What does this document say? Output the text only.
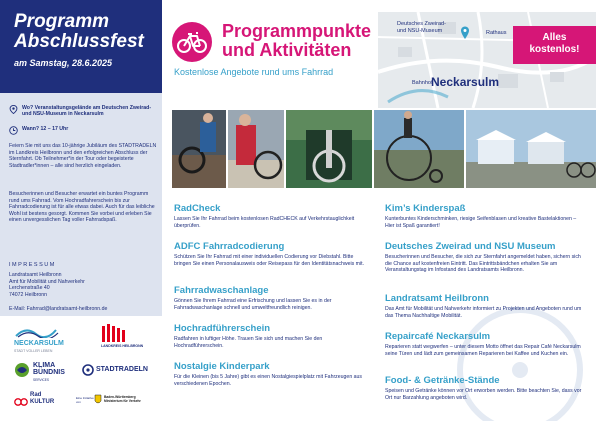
Programm
Abschlussfest
am Samstag, 28.6.2025
Wo? Veranstaltungsgelände am Deutschen Zweirad- und NSU-Museum in Neckarsulm
Wann? 12 – 17 Uhr

Feiern Sie mit uns das 10-jährige Jubiläum des STADTRADELN im Landkreis Heilbronn und den erfolgreichen Abschluss der Sternfahrt. Ob Teilnehmer*in der Tour oder begeisterte Stadtradler*innen – alle sind herzlich eingeladen.

Besucherinnen und Besucher erwartet ein buntes Programm rund ums Fahrrad. Vom Hochradfahrerschein bis zur Fahrradcodierung ist für alle etwas dabei. Auch für das leibliche Wohl ist bestens gesorgt. Kommen Sie vorbei und erleben Sie einen unvergesslichen Tag voller Fahrradspaß.

IMPRESSUM
Landratsamt Heilbronn
Amt für Mobilität und Nahverkehr
Lerchenstraße 40
74072 Heilbronn
E-Mail: Fahrrad@landratsamt-heilbronn.de
NECKARSULM
STADT VOLLER LEBEN
LANDKREIS HEILBRONN
KLIMA
BÜNDNIS
SERVICES
STADTRADELN
Rad
KULTUR
Eine Initiative von
Baden-Württemberg
Ministerium für Verkehr
Programmpunkte
und Aktivitäten
Kostenlose Angebote rund ums Fahrrad
Deutsches Zweirad-
und NSU-Museum	Rathaus
Bahnhof
Neckarsulm
Alles
kostenlos!
RadCheck

Lassen Sie Ihr Fahrrad beim kostenlosen RadCHECK auf Verkehrstauglichkeit überprüfen.

ADFC Fahrradcodierung

Schützen Sie Ihr Fahrrad mit einer individuellen Codierung vor Diebstahl. Bitte bringen Sie einen Personalausweis oder Reisepass für den Identitätsnachweis mit.

Fahrradwaschanlage

Gönnen Sie Ihrem Fahrrad eine Erfrischung und lassen Sie es in der Fahrradwaschanlage schnell und umweltfreundlich reinigen.

Hochradführerschein

Radfahren in luftiger Höhe. Trauen Sie sich und machen Sie den Hochradführerschein.

Nostalgie Kinderpark

Für die Kleinen (bis 5 Jahre) gibt es einen Nostalgiespielplatz mit Fahrzeugen aus verschiedenen Epochen.

Kim’s Kinderspaß

Kunterbuntes Kinderschminken, riesige Seifenblasen und kreative Bastelaktionen – Hier ist Spaß garantiert!

Deutsches Zweirad und NSU Museum

Besucherinnen und Besucher, die sich zur Sternfahrt angemeldet haben, sichern sich die Chance auf kostenfreien Eintritt. Das Eintrittsbändchen erhalten Sie am Veranstaltungstag im Infostand des Landratsamts Heilbronn.

Landratsamt Heilbronn

Das Amt für Mobilität und Nahverkehr informiert zu Projekten und Angeboten rund um das Thema Nachhaltige Mobilität.

Repaircafé Neckarsulm

Reparieren statt wegwerfen – unter diesem Motto öffnet das Repair Café Neckarsulm seine Türen und lädt zum gemeinsamen Reparieren bei Kaffee und Kuchen ein.

Food- & Getränke-Stände

Speisen und Getränke können vor Ort erworben werden. Bitte beachten Sie, dass vor Ort nur Barzahlung angeboten wird.
